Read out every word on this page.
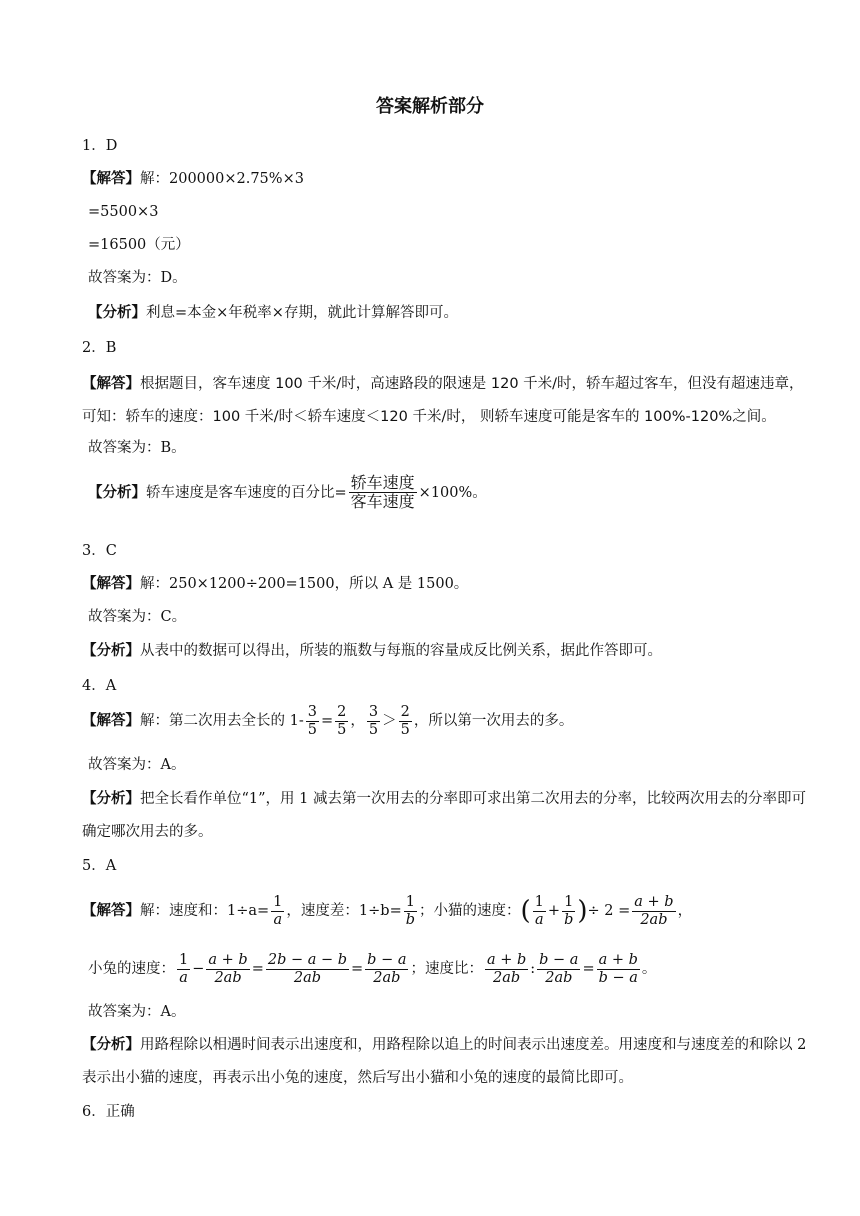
答案解析部分
1．D
【解答】解：200000×2.75%×3
=5500×3
=16500（元）
故答案为：D。
【分析】利息=本金×年税率×存期，就此计算解答即可。
2．B
【解答】根据题目，客车速度 100 千米/时，高速路段的限速是 120 千米/时，轿车超过客车，但没有超速违章，可知：轿车的速度：100 千米/时＜轿车速度＜120 千米/时， 则轿车速度可能是客车的 100%-120%之间。
故答案为：B。
【分析】轿车速度是客车速度的百分比= $\frac{\text{轿车速度}}{\text{客车速度}} \times 100\%$。
3．C
【解答】解：250×1200÷200=1500，所以 A 是 1500。
故答案为：C。
【分析】从表中的数据可以得出，所装的瓶数与每瓶的容量成反比例关系，据此作答即可。
4．A
【解答】解：第二次用去全长的 $1- \frac{3}{5} = \frac{2}{5}$ ， $\frac{3}{5} > \frac{2}{5}$ ，所以第一次用去的多。
故答案为：A。
【分析】把全长看作单位“1”，用 1 减去第一次用去的分率即可求出第二次用去的分率，比较两次用去的分率即可确定哪次用去的多。
5．A
【解答】解：速度和：$1\div a= \frac{1}{a}$ ，速度差：$1\div b= \frac{1}{b}$ ；小猫的速度：( $\frac{1}{a} + \frac{1}{b}$ )÷ $2 = \frac{a + b}{2ab}$ ，
小兔的速度： $\frac{1}{a} - \frac{a + b}{2ab} = \frac{2b - a - b}{2ab} = \frac{b - a}{2ab}$ ；速度比： $\frac{a + b}{2ab}$ : $\frac{b - a}{2ab} = \frac{a + b}{b - a}$ 。
故答案为：A。
【分析】用路程除以相遇时间表示出速度和，用路程除以追上的时间表示出速度差。用速度和与速度差的和除以 2 表示出小猫的速度，再表示出小兔的速度，然后写出小猫和小兔的速度的最简比即可。
6．正确
